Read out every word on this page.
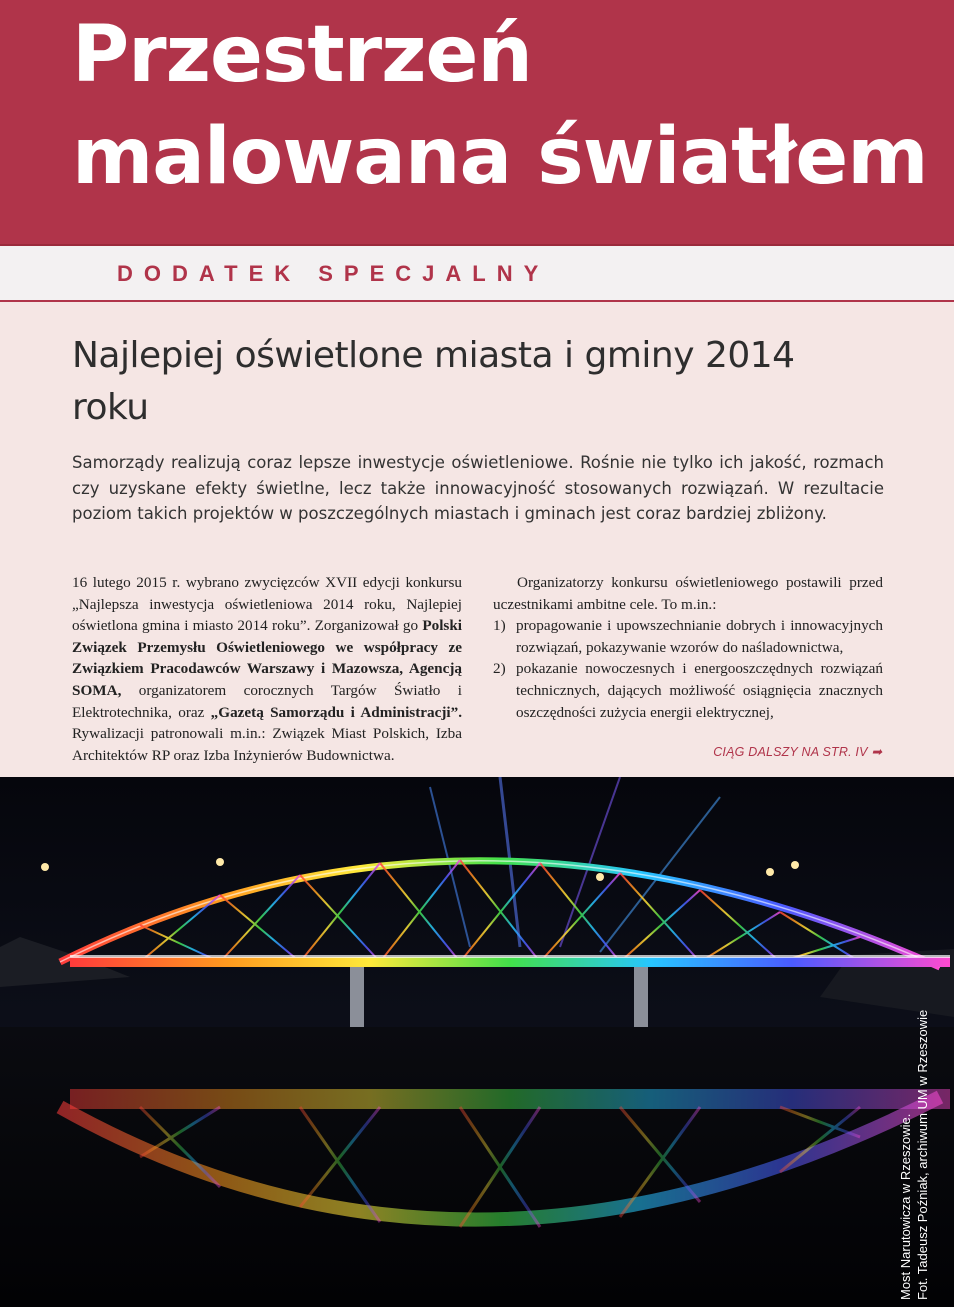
Przestrzeń
malowana światłem
DODATEK SPECJALNY
Najlepiej oświetlone miasta i gminy 2014 roku

Samorządy realizują coraz lepsze inwestycje oświetleniowe. Rośnie nie tylko ich jakość, rozmach czy uzyskane efekty świetlne, lecz także innowacyjność stosowanych rozwiązań. W rezultacie poziom takich projektów w poszczególnych miastach i gminach jest coraz bardziej zbliżony.

16 lutego 2015 r. wybrano zwycięzców XVII edycji konkursu „Najlepsza inwestycja oświetleniowa 2014 roku, Najlepiej oświetlona gmina i miasto 2014 roku”. Zorganizował go Polski Związek Przemysłu Oświetleniowego we współpracy ze Związkiem Pracodawców Warszawy i Mazowsza, Agencją SOMA, organizatorem corocznych Targów Światło i Elektrotechnika, oraz „Gazetą Samorządu i Administracji”. Rywalizacji patronowali m.in.: Związek Miast Polskich, Izba Architektów RP oraz Izba Inżynierów Budownictwa.

Organizatorzy konkursu oświetleniowego postawili przed uczestnikami ambitne cele. To m.in.:

1) propagowanie i upowszechnianie dobrych i innowacyjnych rozwiązań, pokazywanie wzorów do naśladownictwa,
2) pokazanie nowoczesnych i energooszczędnych rozwiązań technicznych, dających możliwość osiągnięcia znacznych oszczędności zużycia energii elektrycznej,
CIĄG DALSZY NA STR. IV ➡
Most Narutowicza w Rzeszowie. Fot. Tadeusz Poźniak, archiwum UM w Rzeszowie
